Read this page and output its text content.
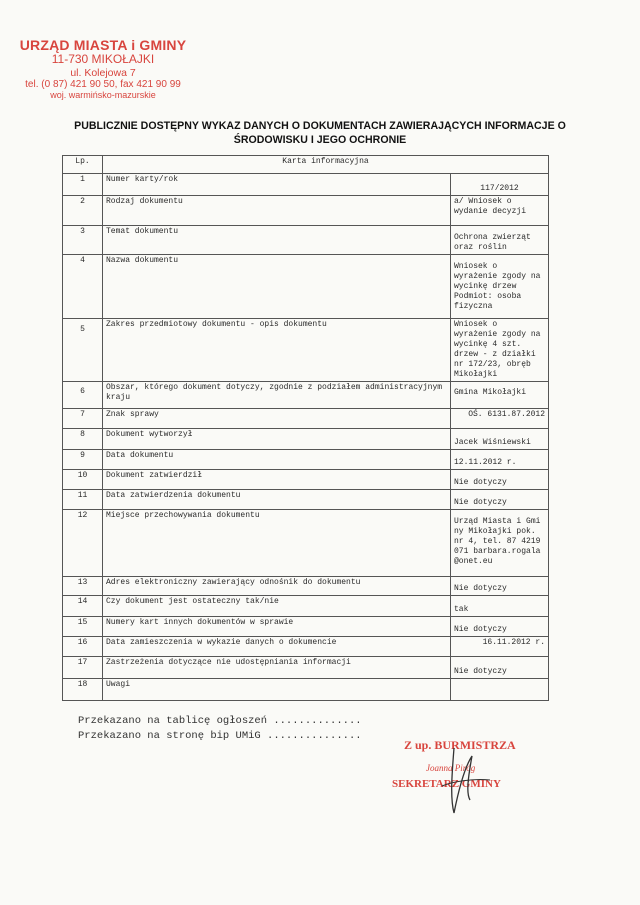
URZĄD MIASTA i GMINY
11-730 MIKOŁAJKI
ul. Kolejowa 7
tel. (0 87) 421 90 50, fax 421 90 99
woj. warmińsko-mazurskie
PUBLICZNIE DOSTĘPNY WYKAZ DANYCH O DOKUMENTACH ZAWIERAJĄCYCH INFORMACJE O
ŚRODOWISKU I JEGO OCHRONIE
Lp.	Karta informacyjna	
1	Numer karty/rok	117/2012

2	Rodzaj dokumentu	a/ Wniosek o wydanie decyzji

3	Temat dokumentu	Ochrona zwierząt oraz roślin

4	Nazwa dokumentu	Wniosek o wyrażenie zgody na wycinkę drzew Podmiot: osoba fizyczna

5	Zakres przedmiotowy dokumentu - opis dokumentu	Wniosek o wyrażenie zgody na wycinkę 4 szt. drzew - z działki nr 172/23, obręb Mikołajki

6	Obszar, którego dokument dotyczy, zgodnie z podziałem administracyjnym kraju	Gmina Mikołajki

7	Znak sprawy	OŚ. 6131.87.2012

8	Dokument wytworzył	Jacek Wiśniewski

9	Data dokumentu	12.11.2012 r.

10	Dokument zatwierdził	Nie dotyczy

11	Data zatwierdzenia dokumentu	Nie dotyczy

12	Miejsce przechowywania dokumentu	Urząd Miasta i Gminy Mikołajki pok. nr 4, tel. 87 4219 071 barbara.rogala@onet.eu

13	Adres elektroniczny zawierający odnośnik do dokumentu	Nie dotyczy

14	Czy dokument jest ostateczny tak/nie	tak

15	Numery kart innych dokumentów w sprawie	Nie dotyczy

16	Data zamieszczenia w wykazie danych o dokumencie	16.11.2012 r.

17	Zastrzeżenia dotyczące nie udostępniania informacji	Nie dotyczy

18	Uwagi	
Przekazano na tablicę ogłoszeń ..............
Przekazano na stronę bip UMiG ...............
Z up. BURMISTRZA
Joanna Piróg
SEKRETARZ GMINY
